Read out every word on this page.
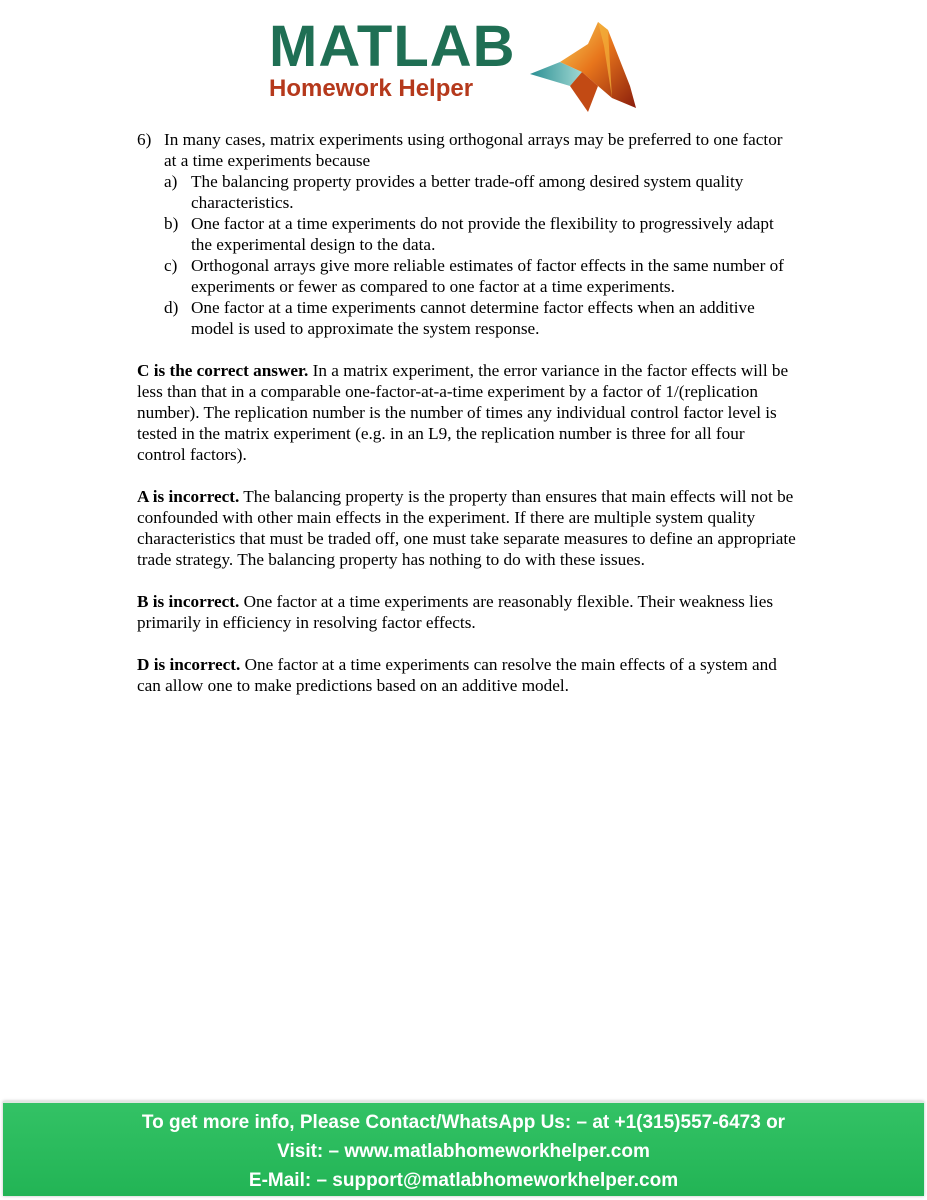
MATLAB
Homework Helper
6) In many cases, matrix experiments using orthogonal arrays may be preferred to one factor at a time experiments because
a) The balancing property provides a better trade-off among desired system quality characteristics.
b) One factor at a time experiments do not provide the flexibility to progressively adapt the experimental design to the data.
c) Orthogonal arrays give more reliable estimates of factor effects in the same number of experiments or fewer as compared to one factor at a time experiments.
d) One factor at a time experiments cannot determine factor effects when an additive model is used to approximate the system response.

C is the correct answer. In a matrix experiment, the error variance in the factor effects will be less than that in a comparable one-factor-at-a-time experiment by a factor of 1/(replication number). The replication number is the number of times any individual control factor level is tested in the matrix experiment (e.g. in an L9, the replication number is three for all four control factors).

A is incorrect. The balancing property is the property than ensures that main effects will not be confounded with other main effects in the experiment. If there are multiple system quality characteristics that must be traded off, one must take separate measures to define an appropriate trade strategy. The balancing property has nothing to do with these issues.

B is incorrect. One factor at a time experiments are reasonably flexible. Their weakness lies primarily in efficiency in resolving factor effects.

D is incorrect. One factor at a time experiments can resolve the main effects of a system and can allow one to make predictions based on an additive model.

To get more info, Please Contact/WhatsApp Us: – at +1(315)557-6473 or
Visit: – www.matlabhomeworkhelper.com
E-Mail: – support@matlabhomeworkhelper.com
